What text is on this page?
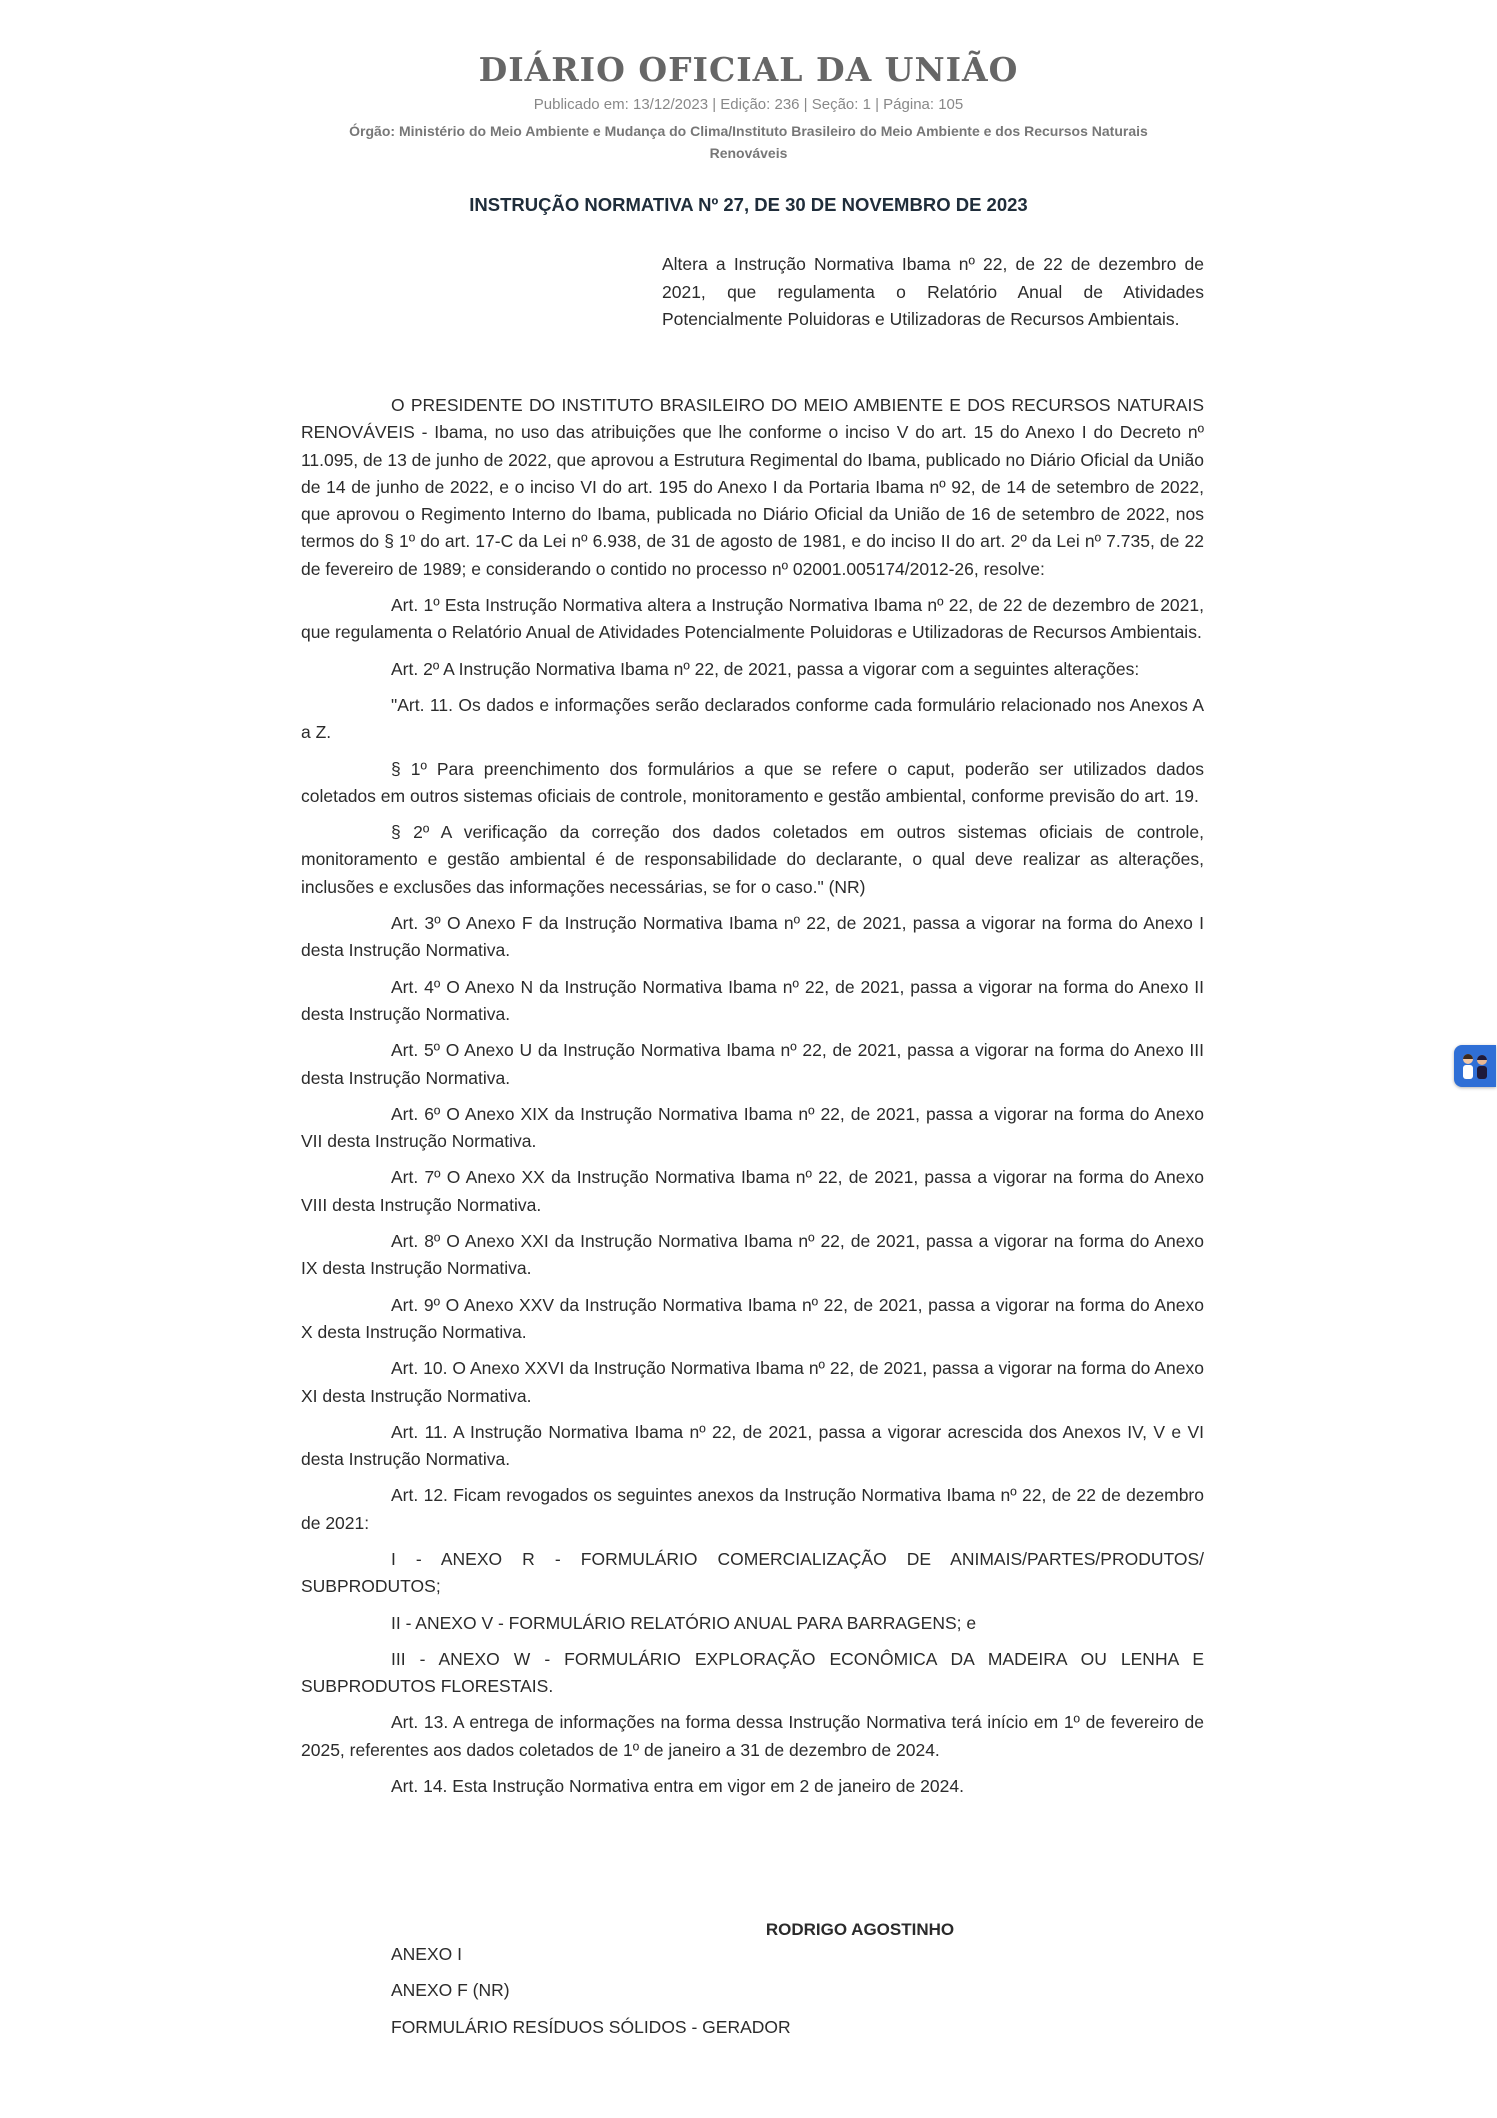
DIÁRIO OFICIAL DA UNIÃO
Publicado em: 13/12/2023 | Edição: 236 | Seção: 1 | Página: 105
Órgão: Ministério do Meio Ambiente e Mudança do Clima/Instituto Brasileiro do Meio Ambiente e dos Recursos Naturais Renováveis
INSTRUÇÃO NORMATIVA Nº 27, DE 30 DE NOVEMBRO DE 2023
Altera a Instrução Normativa Ibama nº 22, de 22 de dezembro de 2021, que regulamenta o Relatório Anual de Atividades Potencialmente Poluidoras e Utilizadoras de Recursos Ambientais.

O PRESIDENTE DO INSTITUTO BRASILEIRO DO MEIO AMBIENTE E DOS RECURSOS NATURAIS RENOVÁVEIS - Ibama, no uso das atribuições que lhe conforme o inciso V do art. 15 do Anexo I do Decreto nº 11.095, de 13 de junho de 2022, que aprovou a Estrutura Regimental do Ibama, publicado no Diário Oficial da União de 14 de junho de 2022, e o inciso VI do art. 195 do Anexo I da Portaria Ibama nº 92, de 14 de setembro de 2022, que aprovou o Regimento Interno do Ibama, publicada no Diário Oficial da União de 16 de setembro de 2022, nos termos do § 1º do art. 17-C da Lei nº 6.938, de 31 de agosto de 1981, e do inciso II do art. 2º da Lei nº 7.735, de 22 de fevereiro de 1989; e considerando o contido no processo nº 02001.005174/2012-26, resolve:

Art. 1º Esta Instrução Normativa altera a Instrução Normativa Ibama nº 22, de 22 de dezembro de 2021, que regulamenta o Relatório Anual de Atividades Potencialmente Poluidoras e Utilizadoras de Recursos Ambientais.

Art. 2º A Instrução Normativa Ibama nº 22, de 2021, passa a vigorar com a seguintes alterações:

"Art. 11. Os dados e informações serão declarados conforme cada formulário relacionado nos Anexos A a Z.

§ 1º Para preenchimento dos formulários a que se refere o caput, poderão ser utilizados dados coletados em outros sistemas oficiais de controle, monitoramento e gestão ambiental, conforme previsão do art. 19.

§ 2º A verificação da correção dos dados coletados em outros sistemas oficiais de controle, monitoramento e gestão ambiental é de responsabilidade do declarante, o qual deve realizar as alterações, inclusões e exclusões das informações necessárias, se for o caso." (NR)

Art. 3º O Anexo F da Instrução Normativa Ibama nº 22, de 2021, passa a vigorar na forma do Anexo I desta Instrução Normativa.

Art. 4º O Anexo N da Instrução Normativa Ibama nº 22, de 2021, passa a vigorar na forma do Anexo II desta Instrução Normativa.

Art. 5º O Anexo U da Instrução Normativa Ibama nº 22, de 2021, passa a vigorar na forma do Anexo III desta Instrução Normativa.

Art. 6º O Anexo XIX da Instrução Normativa Ibama nº 22, de 2021, passa a vigorar na forma do Anexo VII desta Instrução Normativa.

Art. 7º O Anexo XX da Instrução Normativa Ibama nº 22, de 2021, passa a vigorar na forma do Anexo VIII desta Instrução Normativa.

Art. 8º O Anexo XXI da Instrução Normativa Ibama nº 22, de 2021, passa a vigorar na forma do Anexo IX desta Instrução Normativa.

Art. 9º O Anexo XXV da Instrução Normativa Ibama nº 22, de 2021, passa a vigorar na forma do Anexo X desta Instrução Normativa.

Art. 10. O Anexo XXVI da Instrução Normativa Ibama nº 22, de 2021, passa a vigorar na forma do Anexo XI desta Instrução Normativa.

Art. 11. A Instrução Normativa Ibama nº 22, de 2021, passa a vigorar acrescida dos Anexos IV, V e VI desta Instrução Normativa.

Art. 12. Ficam revogados os seguintes anexos da Instrução Normativa Ibama nº 22, de 22 de dezembro de 2021:

I - ANEXO R - FORMULÁRIO COMERCIALIZAÇÃO DE ANIMAIS/PARTES/PRODUTOS/ SUBPRODUTOS;

II - ANEXO V - FORMULÁRIO RELATÓRIO ANUAL PARA BARRAGENS; e

III - ANEXO W - FORMULÁRIO EXPLORAÇÃO ECONÔMICA DA MADEIRA OU LENHA E SUBPRODUTOS FLORESTAIS.

Art. 13. A entrega de informações na forma dessa Instrução Normativa terá início em 1º de fevereiro de 2025, referentes aos dados coletados de 1º de janeiro a 31 de dezembro de 2024.

Art. 14. Esta Instrução Normativa entra em vigor em 2 de janeiro de 2024.

RODRIGO AGOSTINHO

ANEXO I

ANEXO F (NR)

FORMULÁRIO RESÍDUOS SÓLIDOS - GERADOR
